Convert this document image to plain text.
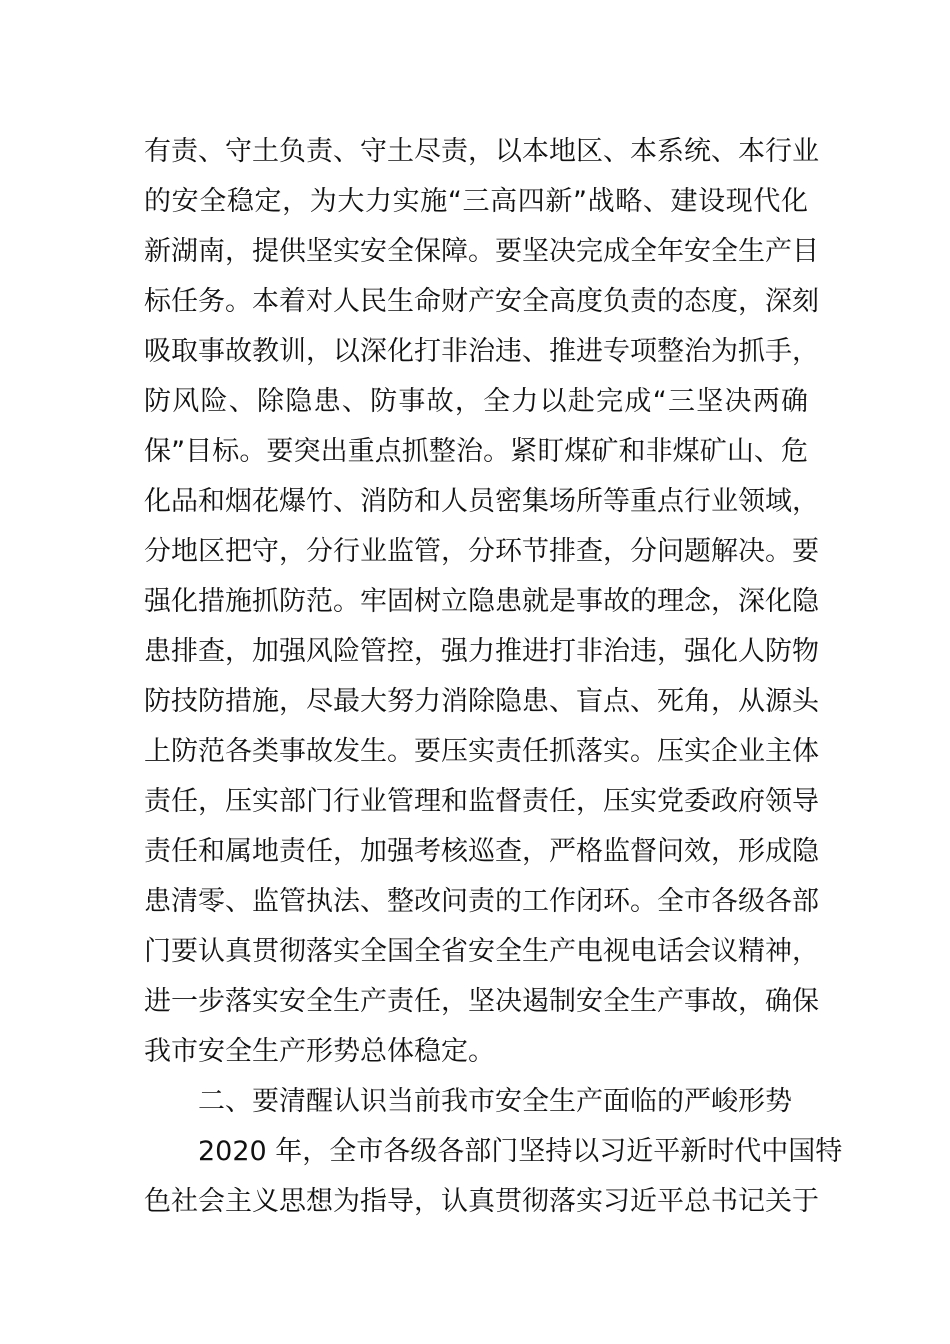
有责、守土负责、守土尽责，以本地区、本系统、本行业
的安全稳定，为大力实施“三高四新”战略、建设现代化
新湖南，提供坚实安全保障。要坚决完成全年安全生产目
标任务。本着对人民生命财产安全高度负责的态度，深刻
吸取事故教训，以深化打非治违、推进专项整治为抓手，
防风险、除隐患、防事故，全力以赴完成“三坚决两确
保”目标。要突出重点抓整治。紧盯煤矿和非煤矿山、危
化品和烟花爆竹、消防和人员密集场所等重点行业领域，
分地区把守，分行业监管，分环节排查，分问题解决。要
强化措施抓防范。牢固树立隐患就是事故的理念，深化隐
患排查，加强风险管控，强力推进打非治违，强化人防物
防技防措施，尽最大努力消除隐患、盲点、死角，从源头
上防范各类事故发生。要压实责任抓落实。压实企业主体
责任，压实部门行业管理和监督责任，压实党委政府领导
责任和属地责任，加强考核巡查，严格监督问效，形成隐
患清零、监管执法、整改问责的工作闭环。全市各级各部
门要认真贯彻落实全国全省安全生产电视电话会议精神，
进一步落实安全生产责任，坚决遏制安全生产事故，确保
我市安全生产形势总体稳定。
二、要清醒认识当前我市安全生产面临的严峻形势
2020 年，全市各级各部门坚持以习近平新时代中国特
色社会主义思想为指导，认真贯彻落实习近平总书记关于
